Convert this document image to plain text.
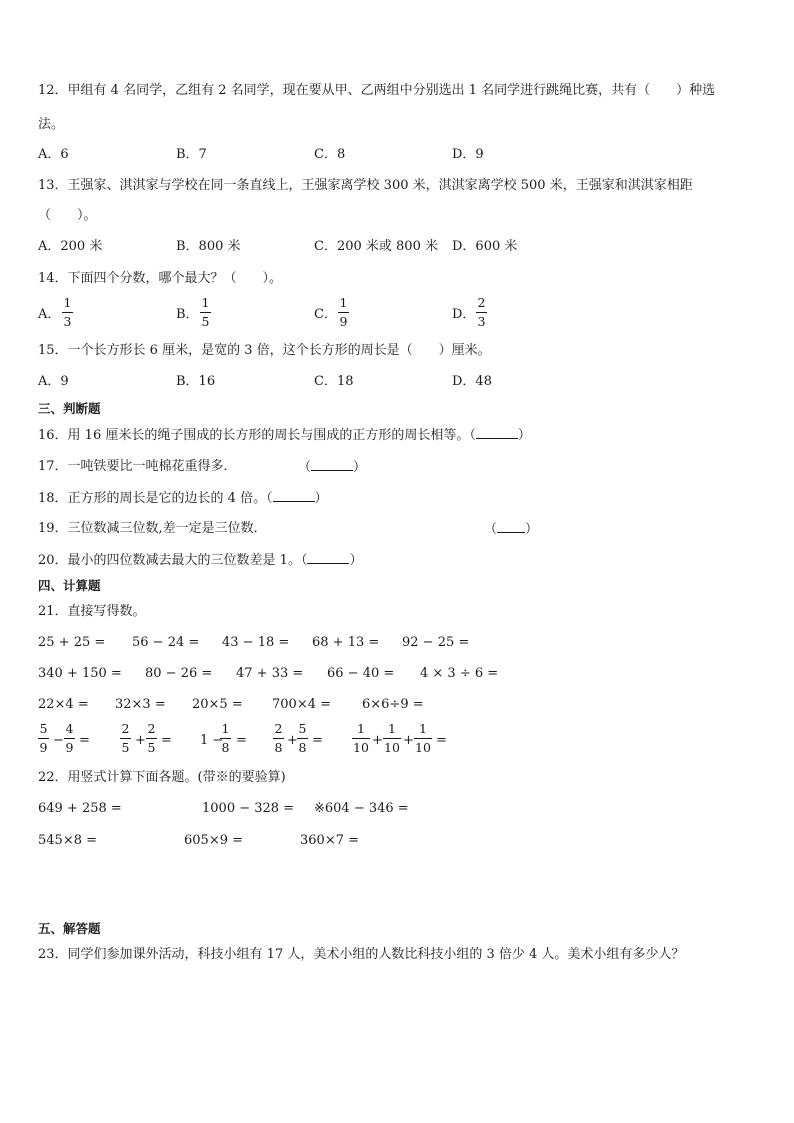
12．甲组有 4 名同学，乙组有 2 名同学，现在要从甲、乙两组中分别选出 1 名同学进行跳绳比赛，共有（　　）种选
法。
A．6	B．7	C．8	D．9
13．王强家、淇淇家与学校在同一条直线上，王强家离学校 300 米，淇淇家离学校 500 米，王强家和淇淇家相距
（　　）。
A．200 米	B．800 米	C．200 米或 800 米 D．600 米
14．下面四个分数，哪个最大？（　　）。
A．
1
3	B．
1
5	C．
1
9	D．
2
3
15．一个长方形长 6 厘米，是宽的 3 倍，这个长方形的周长是（　　）厘米。
A．9	B．16	C．18	D．48
三、判断题
16．用 16 厘米长的绳子围成的长方形的周长与围成的正方形的周长相等。（	）
17．一吨铁要比一吨棉花重得多．	（	）
18．正方形的周长是它的边长的 4 倍。（	）
19．三位数减三位数,差一定是三位数．	（ ）
20．最小的四位数减去最大的三位数差是 1。（	）
四、计算题
21．直接写得数。
25 + 25 = 56 − 24 = 43 − 18 = 68 + 13 = 92 − 25 =
340 + 150 = 80 − 26 = 47 + 33 = 66 − 40 = 4 × 3 ÷ 6 =
22×4 = 32×3 = 20×5 = 700×4 = 6×6÷9 =
5
9 −
4
9 =
2
5 +
2
5 = 1 −
1
8 =
2
8 +
5
8 =
1
10 +
1
10 +
1
10 =
22．用竖式计算下面各题。(带※的要验算)
649 + 258 =	1000 − 328 = ※604 − 346 =
545×8 =	605×9 =	360×7 =
五、解答题
23．同学们参加课外活动，科技小组有 17 人，美术小组的人数比科技小组的 3 倍少 4 人。美术小组有多少人？
